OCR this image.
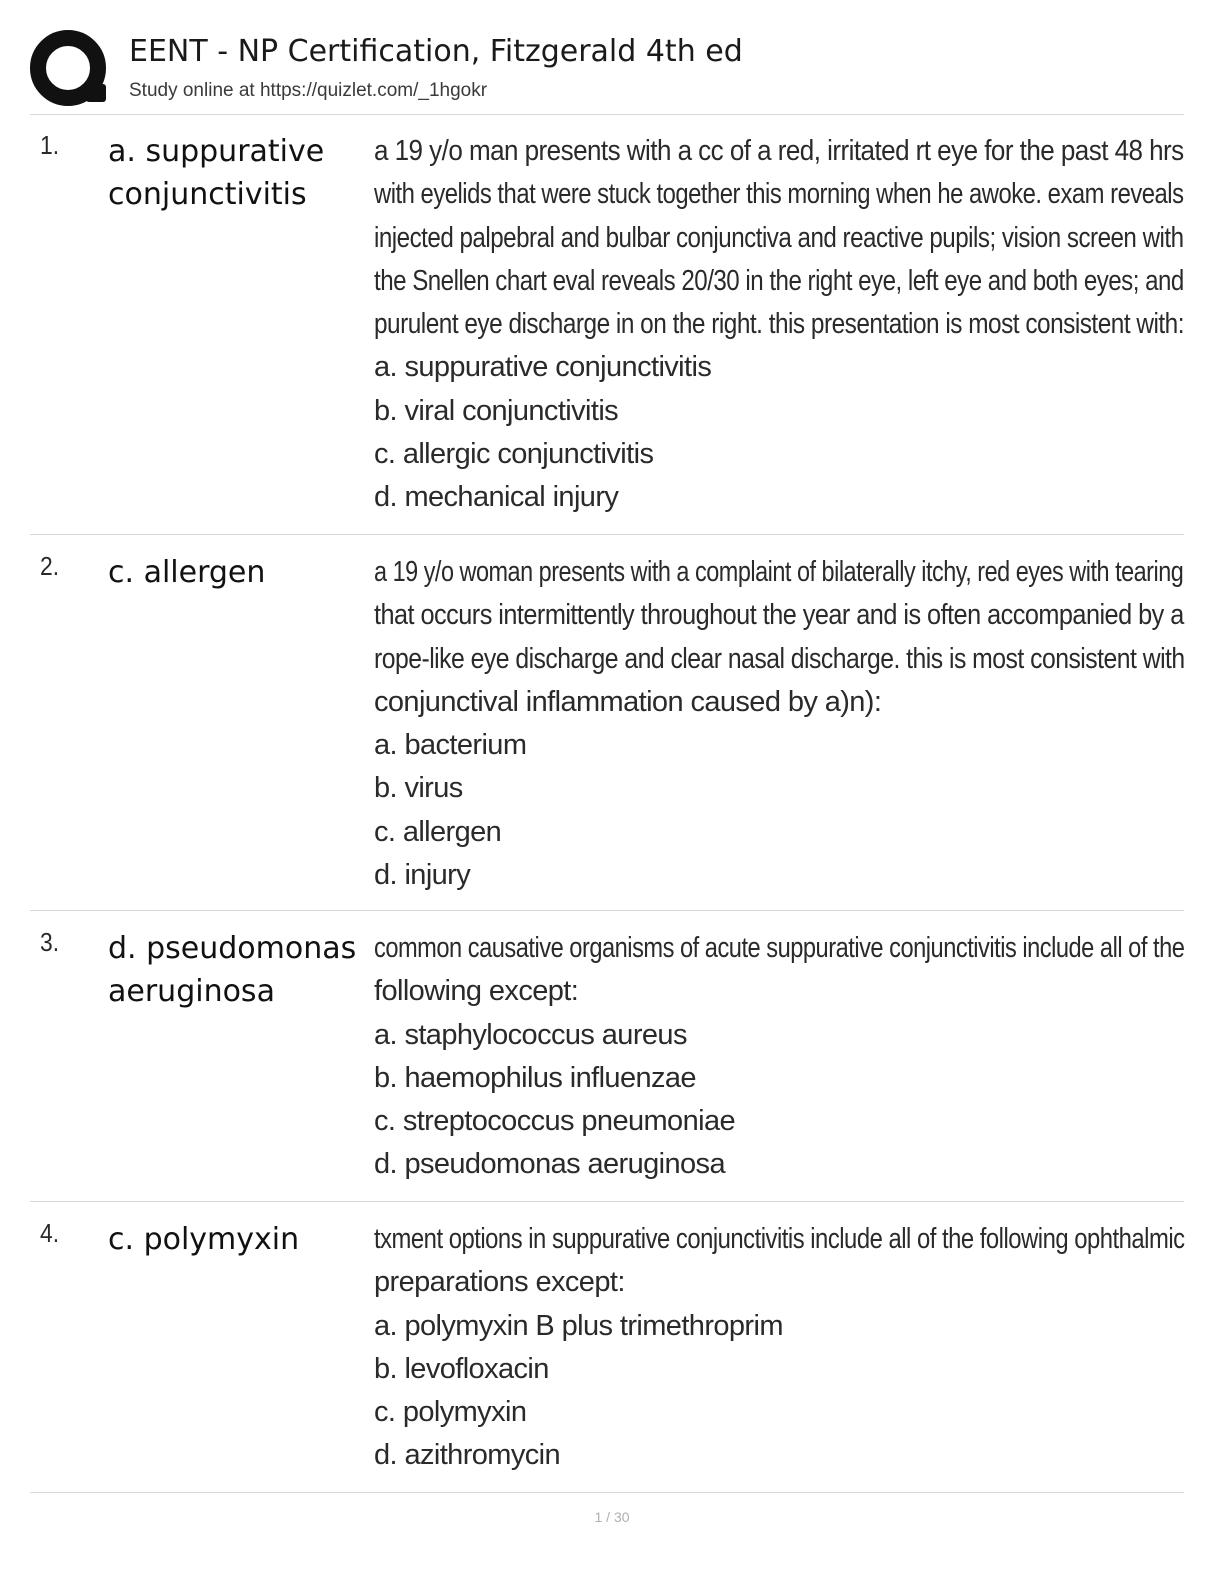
EENT - NP Certification, Fitzgerald 4th ed
Study online at https://quizlet.com/_1hgokr
1. a. suppurative conjunctivitis
a 19 y/o man presents with a cc of a red, irritated rt eye for the past 48 hrs
with eyelids that were stuck together this morning when he awoke. exam reveals
injected palpebral and bulbar conjunctiva and reactive pupils; vision screen with
the Snellen chart eval reveals 20/30 in the right eye, left eye and both eyes; and
purulent eye discharge in on the right. this presentation is most consistent with:
a. suppurative conjunctivitis
b. viral conjunctivitis
c. allergic conjunctivitis
d. mechanical injury
2. c. allergen	a 19 y/o woman presents with a complaint of bilaterally itchy, red eyes with tearing
that occurs intermittently throughout the year and is often accompanied by a
rope-like eye discharge and clear nasal discharge. this is most consistent with
conjunctival inflammation caused by a)n):
a. bacterium
b. virus
c. allergen
d. injury
3. d. pseudomonas aeruginosa
common causative organisms of acute suppurative conjunctivitis include all of the
following except:
a. staphylococcus aureus
b. haemophilus influenzae
c. streptococcus pneumoniae
d. pseudomonas aeruginosa
4. c. polymyxin	txment options in suppurative conjunctivitis include all of the following ophthalmic
preparations except:
a. polymyxin B plus trimethroprim
b. levofloxacin
c. polymyxin
d. azithromycin
1 / 30
